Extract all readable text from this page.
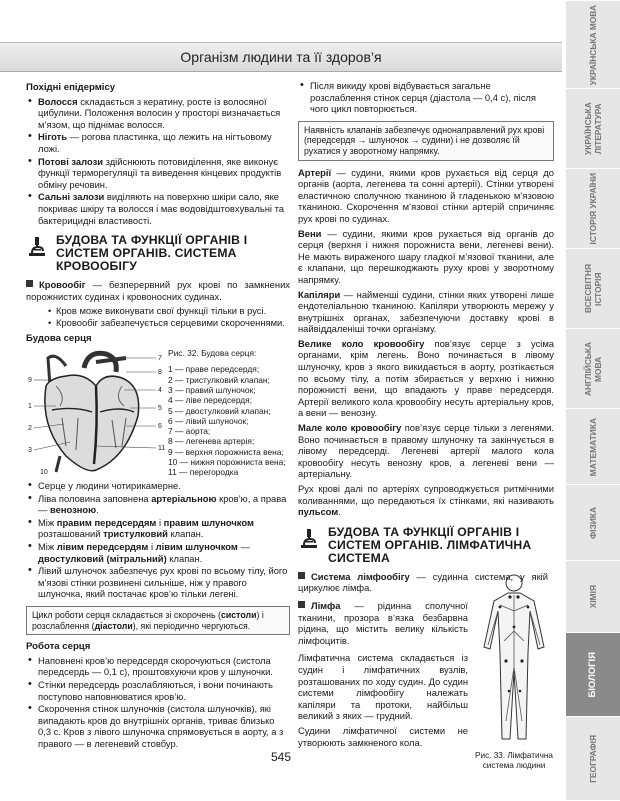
Організм людини та її здоров’я
Похідні епідермісу
• Волосся складається з кератину, росте із волосяної цибулини. Положення волосин у просторі визначається м’язом, що піднімає волосся.
• Ніготь — рогова пластинка, що лежить на нігтьовому ложі.
• Потові залози здійснюють потовиділення, яке виконує функції терморегуляції та виведення кінцевих продуктів обміну речовин.
• Сальні залози виділяють на поверхню шкіри сало, яке покриває шкіру та волосся і має водовідштовхувальні та бактерицидні властивості.
БУДОВА ТА ФУНКЦІЇ ОРГАНІВ І СИСТЕМ ОРГАНІВ. СИСТЕМА КРОВООБІГУ
Кровообіг — безперервний рух крові по замкнених порожнистих судинах і кровоносних судинах.
• Кров може виконувати свої функції тільки в русі.
• Кровообіг забезпечується серцевими скороченнями.
Будова серця
7
8
4
5
6
11
9
1
2
3
10
Рис. 32. Будова серця:
1 — праве передсердя;
2 — тристулковий клапан;
3 — правий шлуночок;
4 — ліве передсердя;
5 — двостулковий клапан;
6 — лівий шлуночок;
7 — аорта;
8 — легенева артерія;
9 — верхня порожниста вена;
10 — нижня порожниста вена;
11 — перегородка
• Серце у людини чотирикамерне.
• Ліва половина заповнена артеріальною кров’ю, а права — венозною.
• Між правим передсердям і правим шлуночком розташований тристулковий клапан.
• Між лівим передсердям і лівим шлуночком — двостулковий (мітральний) клапан.
• Лівий шлуночок забезпечує рух крові по всьому тілу, його м’язові стінки розвинені сильніше, ніж у правого шлуночка, який постачає кров’ю тільки легені.
Цикл роботи серця складається зі скорочень (систоли) і розслаблення (діастоли), які періодично чергуються.
Робота серця
• Наповнені кров’ю передсердя скорочуються (систола передсердь — 0,1 с), проштовхуючи кров у шлуночки.
• Стінки передсердь розслабляються, і вони починають поступово наповнюватися кров’ю.
• Скорочення стінок шлуночків (систола шлуночків), які випадають кров до внутрішніх органів, триває близько 0,3 с. Кров з лівого шлуночка спрямовується в аорту, а з правого — в легеневий стовбур.
• Після викиду крові відбувається загальне розслаблення стінок серця (діастола — 0,4 с), після чого цикл повторюється.
Наявність клапанів забезпечує однонаправлений рух крові (передсердя → шлуночок → судини) і не дозволяє їй рухатися у зворотному напрямку.
Артерії — судини, якими кров рухається від серця до органів (аорта, легенева та сонні артерії). Стінки утворені еластичною сполучною тканиною й гладенькою м’язовою тканиною. Скорочення м’язової стінки артерій спричиняє рух крові по судинах.
Вени — судини, якими кров рухається від органів до серця (верхня і нижня порожниста вени, легеневі вени). Не мають вираженого шару гладкої м’язової тканини, але є клапани, що перешкоджають руху крові у зворотному напрямку.
Капіляри — найменші судини, стінки яких утворені лише ендотеліальною тканиною. Капіляри утворюють мережу у внутрішніх органах, забезпечуючи доставку крові в найвіддаленіші точки організму.
Велике коло кровообігу пов’язує серце з усіма органами, крім легень. Воно починається в лівому шлуночку, кров з якого викидається в аорту, розтікається по всьому тілу, а потім збирається у верхню і нижню порожнисті вени, що впадають у праве передсердя. Артерії великого кола кровообігу несуть артеріальну кров, а вени — венозну.
Мале коло кровообігу пов’язує серце тільки з легенями. Воно починається в правому шлуночку та закінчується в лівому передсерді. Легеневі артерії малого кола кровообігу несуть венозну кров, а легеневі вени — артеріальну.
Рух крові далі по артеріях супроводжується ритмічними коливаннями, що передаються їх стінками, які називають пульсом.
БУДОВА ТА ФУНКЦІЇ ОРГАНІВ І СИСТЕМ ОРГАНІВ. ЛІМФАТИЧНА СИСТЕМА
Система лімфообігу — судинна система, у якій циркулює лімфа.
Лімфа — рідинна сполучної тканини, прозора в’язка безбарвна рідина, що містить велику кількість лімфоцитів.
Лімфатична система складається із судин і лімфатичних вузлів, розташованих по ходу судин. До судин системи лімфообігу належать капіляри та протоки, найбільш великий з яких — грудний.
Судини лімфатичної системи не утворюють замкненого кола.
Рис. 33. Лімфатична система людини
545
УКРАЇНСЬКА МОВА
УКРАЇНСЬКА ЛІТЕРАТУРА
ІСТОРІЯ УКРАЇНИ
ВСЕСВІТНЯ ІСТОРІЯ
АНГЛІЙСЬКА МОВА
МАТЕМАТИКА
ФІЗИКА
ХІМІЯ
БІОЛОГІЯ
ГЕОГРАФІЯ
